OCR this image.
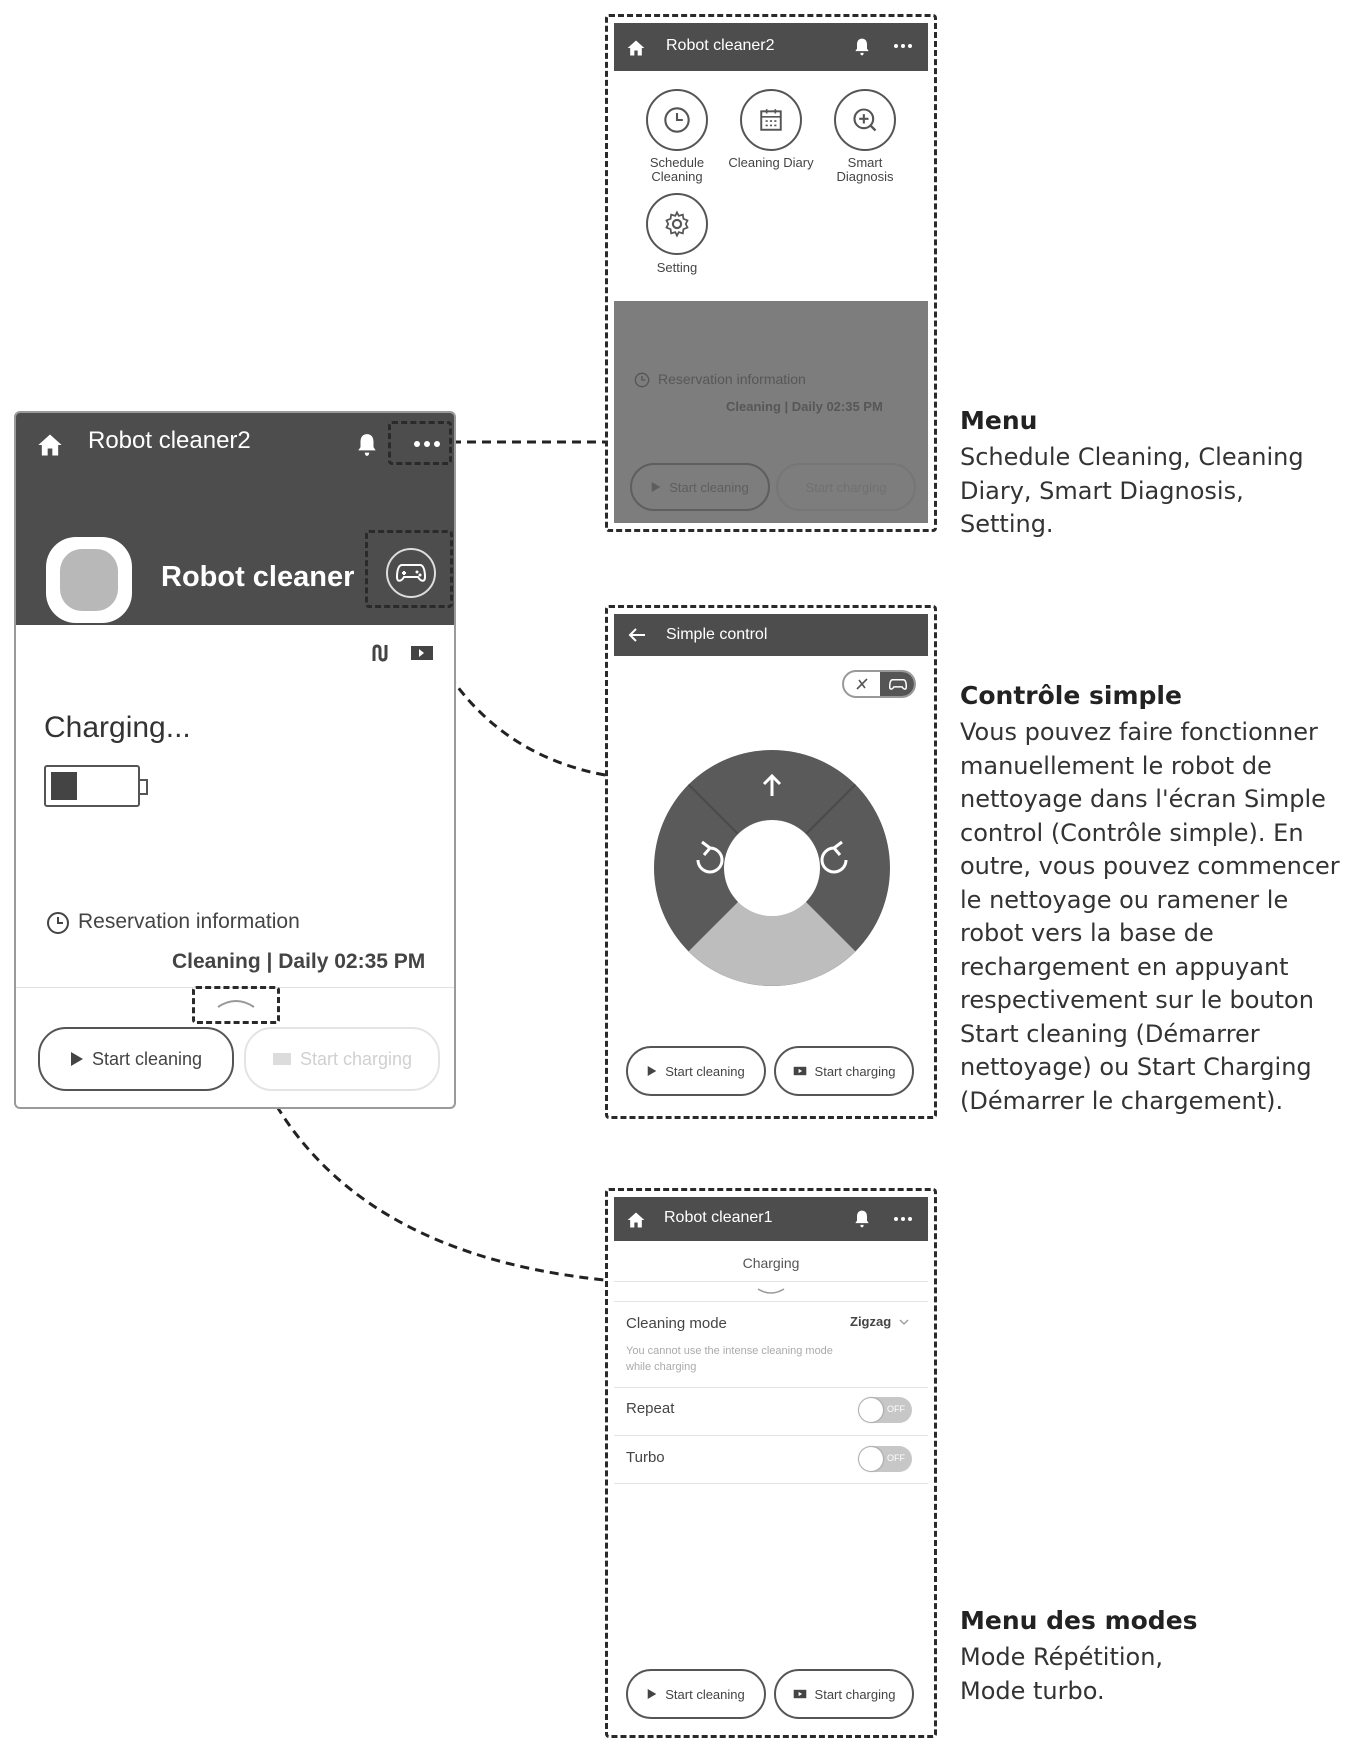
Robot cleaner2
Robot cleaner
Charging...
Reservation information
Cleaning | Daily 02:35 PM
Start cleaning	Start charging
Robot cleaner2
Schedule Cleaning
Cleaning Diary	Smart Diagnosis
Setting
Reservation information
Cleaning | Daily 02:35 PM
Start cleaning	Start charging
Simple control
Start cleaning	Start charging
Robot cleaner1
Charging
Cleaning mode	Zigzag
You cannot use the intense cleaning mode while charging
Repeat	OFF
Turbo	OFF
Start cleaning	Start charging
Menu
Schedule Cleaning, Cleaning Diary, Smart Diagnosis, Setting.
Contrôle simple
Vous pouvez faire fonctionner manuellement le robot de nettoyage dans l'écran Simple control (Contrôle simple). En outre, vous pouvez commencer le nettoyage ou ramener le robot vers la base de rechargement en appuyant respectivement sur le bouton Start cleaning (Démarrer nettoyage) ou Start Charging (Démarrer le chargement).
Menu des modes
Mode Répétition, Mode turbo.
